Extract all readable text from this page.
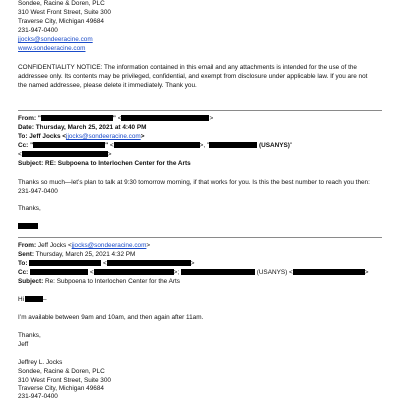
Sondee, Racine & Doren, PLC
310 West Front Street, Suite 300
Traverse City, Michigan 49684
231-947-0400
jjocks@sondeeracine.com
www.sondeeracine.com
CONFIDENTIALITY NOTICE: The information contained in this email and any attachments is intended for the use of the addressee only. Its contents may be privileged, confidential, and exempt from disclosure under applicable law. If you are not the named addressee, please delete it immediately. Thank you.
From: "	" <	>
Date: Thursday, March 25, 2021 at 4:40 PM
To: Jeff Jocks <jjocks@sondeeracine.com>
Cc: "	" <	>, "	(USANYS)"
<	>
Subject: RE: Subpoena to Interlochen Center for the Arts
Thanks so much—let’s plan to talk at 9:30 tomorrow morning, if that works for you. Is this the best number to reach you then: 231-947-0400
Thanks,
From: Jeff Jocks <jjocks@sondeeracine.com>
Sent: Thursday, March 25, 2021 4:32 PM
To:	<	>
Cc:	<	>;	(USANYS) <	>
Subject: Re: Subpoena to Interlochen Center for the Arts
Hi	–
I’m available between 9am and 10am, and then again after 11am.
Thanks,
Jeff
Jeffrey L. Jocks
Sondee, Racine & Doren, PLC
310 West Front Street, Suite 300
Traverse City, Michigan 49684
231-947-0400
